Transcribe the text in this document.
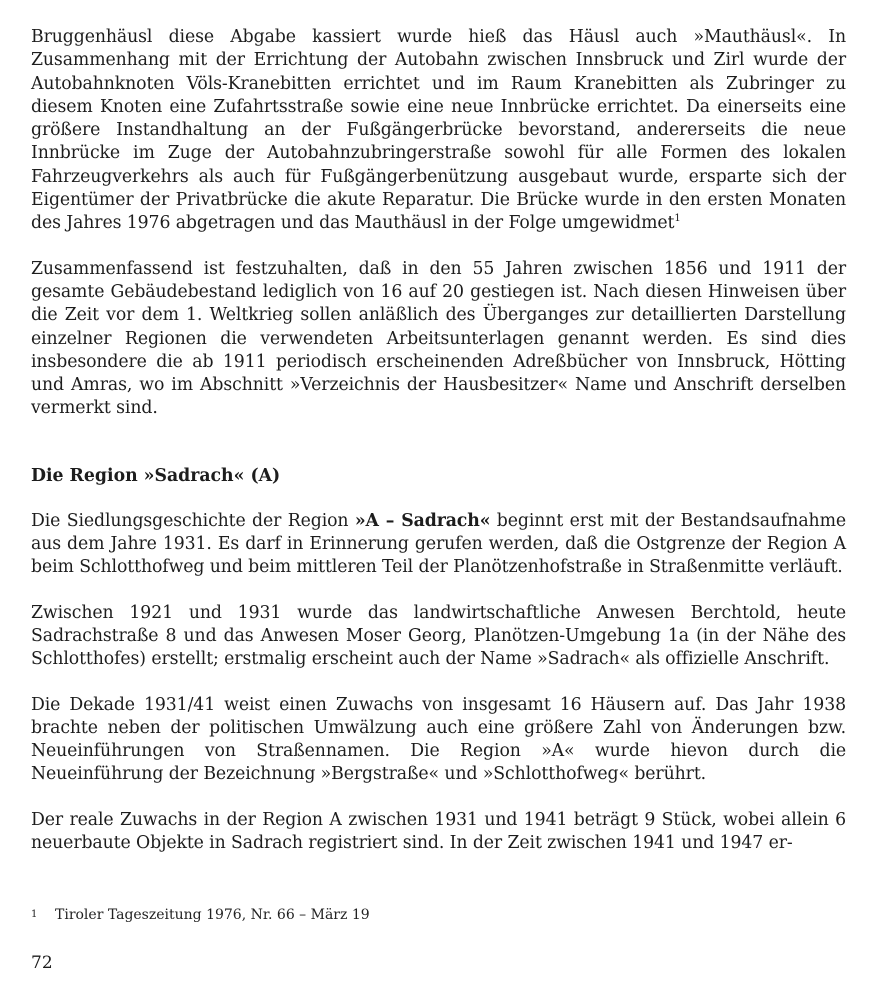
Bruggenhäusl diese Abgabe kassiert wurde hieß das Häusl auch »Mauthäusl«. In Zusammenhang mit der Errichtung der Autobahn zwischen Innsbruck und Zirl wurde der Autobahnknoten Völs-Kranebitten errichtet und im Raum Kranebitten als Zubringer zu diesem Knoten eine Zufahrtsstraße sowie eine neue Innbrücke errichtet. Da einerseits eine größere Instandhaltung an der Fußgängerbrücke bevorstand, andererseits die neue Innbrücke im Zuge der Autobahnzubringerstraße sowohl für alle Formen des lokalen Fahrzeugverkehrs als auch für Fußgängerbenützung ausgebaut wurde, ersparte sich der Eigentümer der Privatbrücke die akute Reparatur. Die Brücke wurde in den ersten Monaten des Jahres 1976 abgetragen und das Mauthäusl in der Folge umgewidmet$^1$

Zusammenfassend ist festzuhalten, daß in den 55 Jahren zwischen 1856 und 1911 der gesamte Gebäudebestand lediglich von 16 auf 20 gestiegen ist. Nach diesen Hinweisen über die Zeit vor dem 1. Weltkrieg sollen anläßlich des Überganges zur detaillierten Darstellung einzelner Regionen die verwendeten Arbeitsunterlagen genannt werden. Es sind dies insbesondere die ab 1911 periodisch erscheinenden Adreßbücher von Innsbruck, Hötting und Amras, wo im Abschnitt »Verzeichnis der Hausbesitzer« Name und Anschrift derselben vermerkt sind.

Die Region »Sadrach« (A)

Die Siedlungsgeschichte der Region »A – Sadrach« beginnt erst mit der Bestandsaufnahme aus dem Jahre 1931. Es darf in Erinnerung gerufen werden, daß die Ostgrenze der Region A beim Schlotthofweg und beim mittleren Teil der Planötzenhofstraße in Straßenmitte verläuft.

Zwischen 1921 und 1931 wurde das landwirtschaftliche Anwesen Berchtold, heute Sadrachstraße 8 und das Anwesen Moser Georg, Planötzen-Umgebung 1a (in der Nähe des Schlotthofes) erstellt; erstmalig erscheint auch der Name »Sadrach« als offizielle Anschrift.

Die Dekade 1931/41 weist einen Zuwachs von insgesamt 16 Häusern auf. Das Jahr 1938 brachte neben der politischen Umwälzung auch eine größere Zahl von Änderungen bzw. Neueinführungen von Straßennamen. Die Region »A« wurde hievon durch die Neueinführung der Bezeichnung »Bergstraße« und »Schlotthofweg« berührt.

Der reale Zuwachs in der Region A zwischen 1931 und 1941 beträgt 9 Stück, wobei allein 6 neuerbaute Objekte in Sadrach registriert sind. In der Zeit zwischen 1941 und 1947 er-

1 Tiroler Tageszeitung 1976, Nr. 66 – März 19
72
